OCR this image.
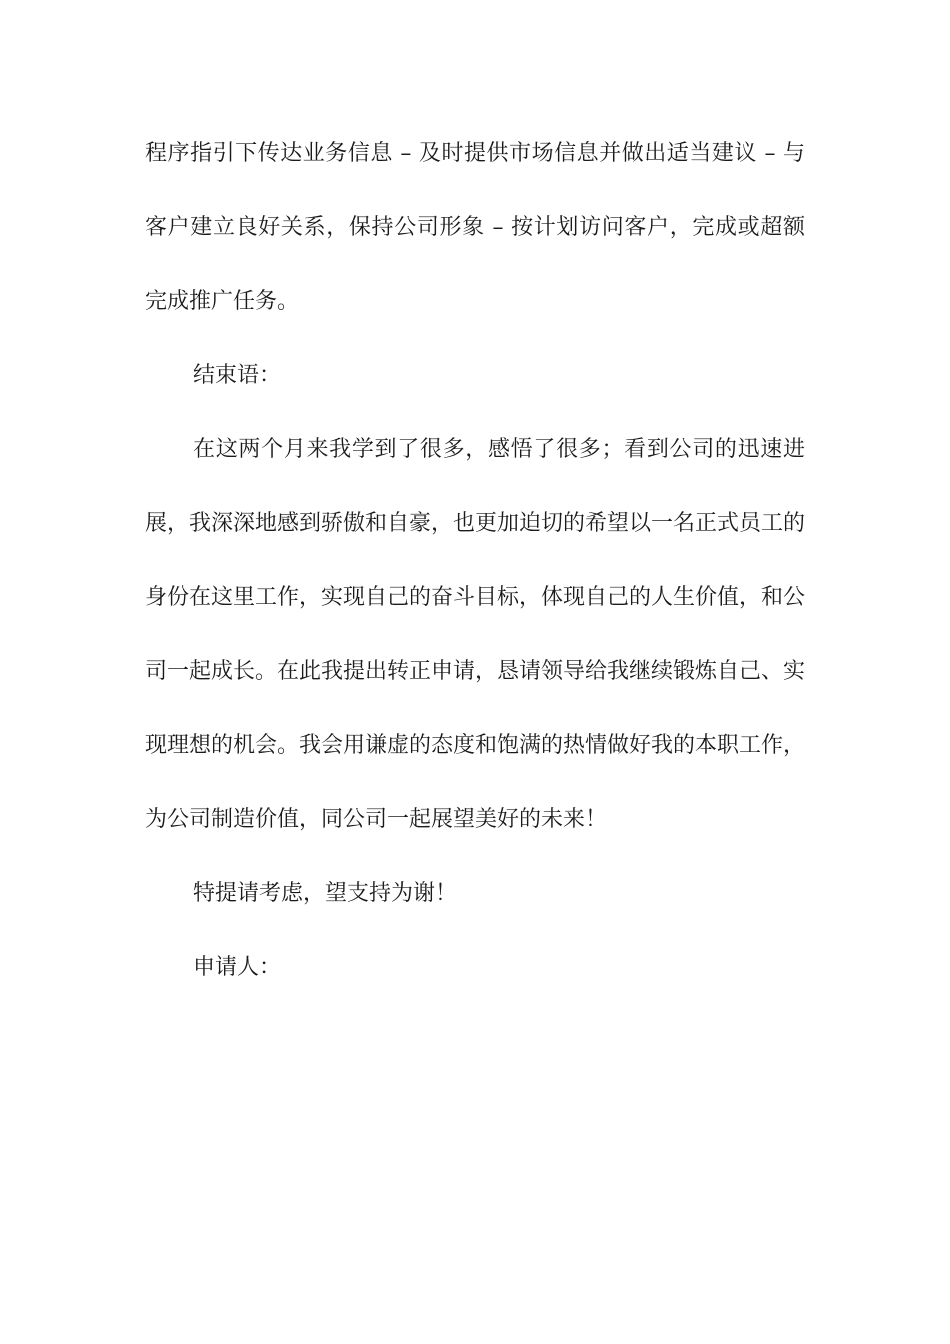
程序指引下传达业务信息 – 及时提供市场信息并做出适当建议 – 与客户建立良好关系，保持公司形象 – 按计划访问客户，完成或超额完成推广任务。

结束语：

在这两个月来我学到了很多，感悟了很多；看到公司的迅速进展，我深深地感到骄傲和自豪，也更加迫切的希望以一名正式员工的身份在这里工作，实现自己的奋斗目标，体现自己的人生价值，和公司一起成长。在此我提出转正申请，恳请领导给我继续锻炼自己、实现理想的机会。我会用谦虚的态度和饱满的热情做好我的本职工作，为公司制造价值，同公司一起展望美好的未来！

特提请考虑，望支持为谢！

申请人：
